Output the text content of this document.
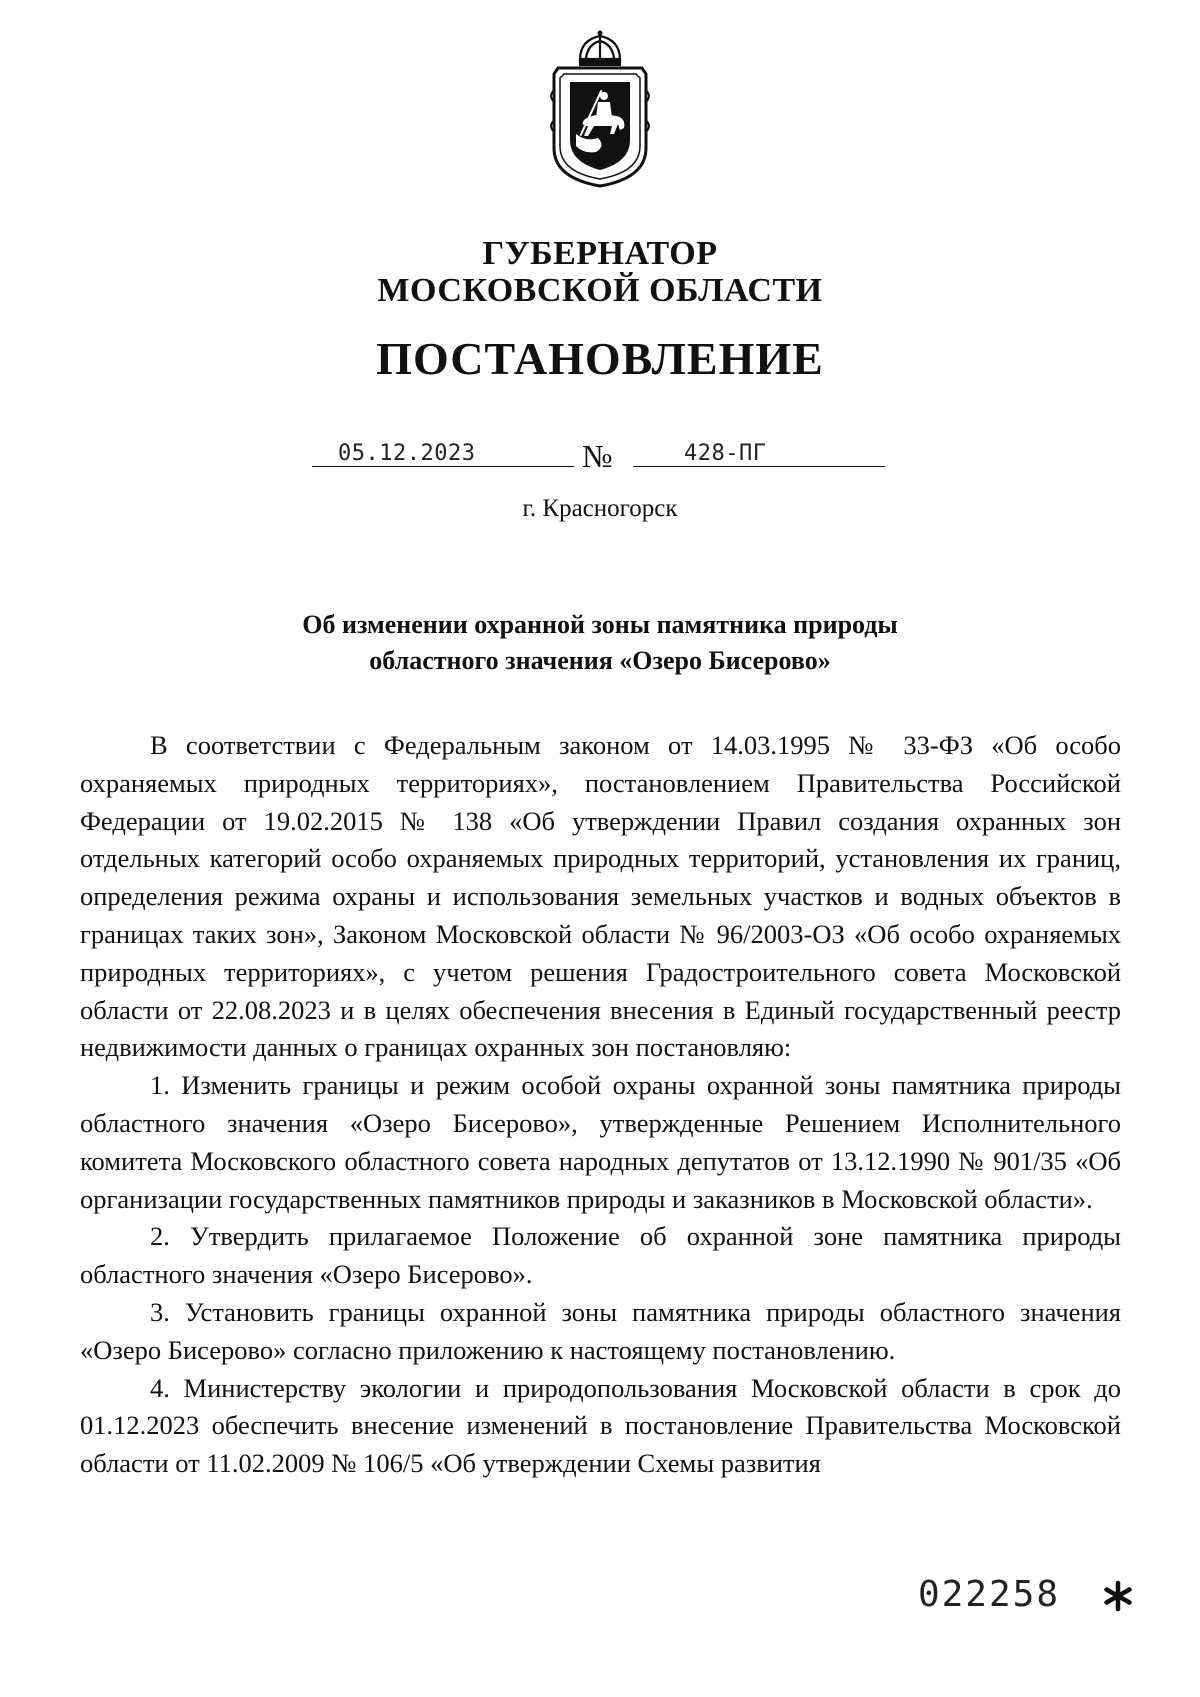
ГУБЕРНАТОР
МОСКОВСКОЙ ОБЛАСТИ
ПОСТАНОВЛЕНИЕ
05.12.2023	№	428-ПГ
г. Красногорск
Об изменении охранной зоны памятника природы
областного значения «Озеро Бисерово»

В соответствии с Федеральным законом от 14.03.1995 № 33-ФЗ «Об особо охраняемых природных территориях», постановлением Правительства Российской Федерации от 19.02.2015 № 138 «Об утверждении Правил создания охранных зон отдельных категорий особо охраняемых природных территорий, установления их границ, определения режима охраны и использования земельных участков и водных объектов в границах таких зон», Законом Московской области № 96/2003-ОЗ «Об особо охраняемых природных территориях», с учетом решения Градостроительного совета Московской области от 22.08.2023 и в целях обеспечения внесения в Единый государственный реестр недвижимости данных о границах охранных зон постановляю:

1. Изменить границы и режим особой охраны охранной зоны памятника природы областного значения «Озеро Бисерово», утвержденные Решением Исполнительного комитета Московского областного совета народных депутатов от 13.12.1990 № 901/35 «Об организации государственных памятников природы и заказников в Московской области».

2. Утвердить прилагаемое Положение об охранной зоне памятника природы областного значения «Озеро Бисерово».

3. Установить границы охранной зоны памятника природы областного значения «Озеро Бисерово» согласно приложению к настоящему постановлению.

4. Министерству экологии и природопользования Московской области в срок до 01.12.2023 обеспечить внесение изменений в постановление Правительства Московской области от 11.02.2009 № 106/5 «Об утверждении Схемы развития

022258
